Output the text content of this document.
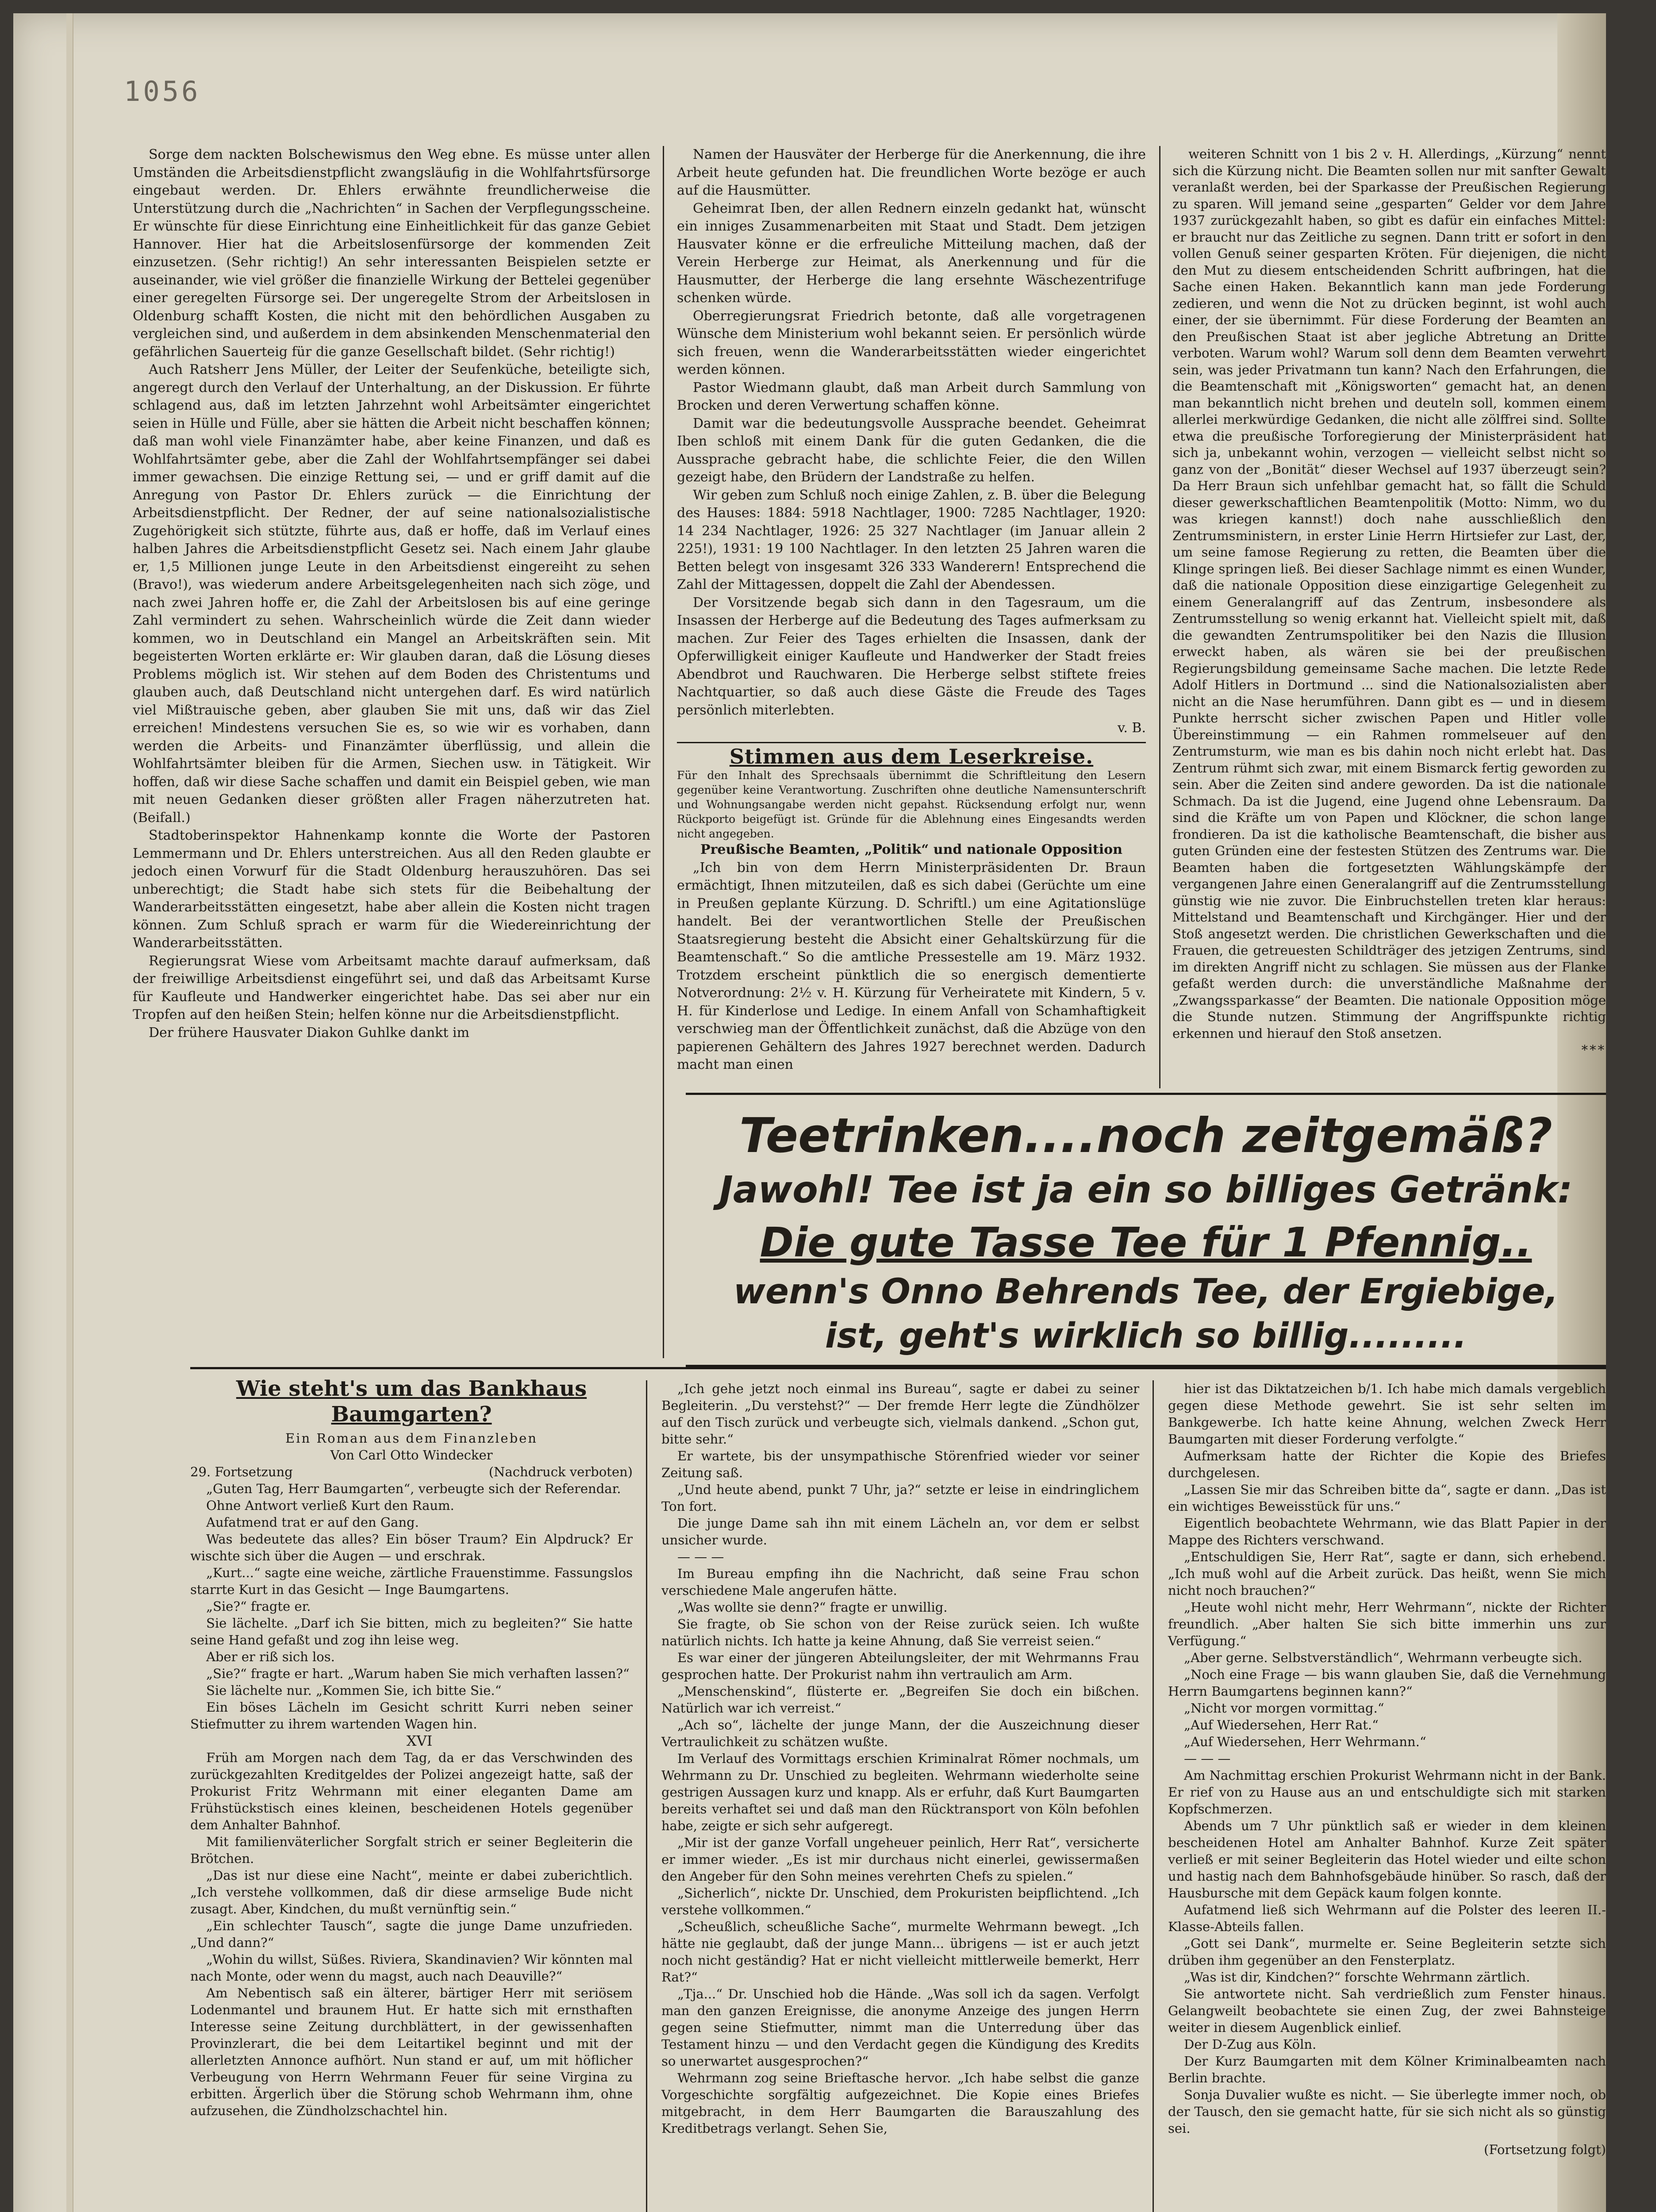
1056

Sorge dem nackten Bolschewismus den Weg ebne. Es müsse unter allen Umständen die Arbeitsdienstpflicht zwangsläufig in die Wohlfahrtsfürsorge eingebaut werden. Dr. Ehlers erwähnte freundlicherweise die Unterstützung durch die „Nachrichten“ in Sachen der Verpflegungsscheine. Er wünschte für diese Einrichtung eine Einheitlichkeit für das ganze Gebiet Hannover. Hier hat die Arbeitslosenfürsorge der kommenden Zeit einzusetzen. (Sehr richtig!) An sehr interessanten Beispielen setzte er auseinander, wie viel größer die finanzielle Wirkung der Bettelei gegenüber einer geregelten Fürsorge sei. Der ungeregelte Strom der Arbeitslosen in Oldenburg schafft Kosten, die nicht mit den behördlichen Ausgaben zu vergleichen sind, und außerdem in dem absinkenden Menschenmaterial den gefährlichen Sauerteig für die ganze Gesellschaft bildet. (Sehr richtig!)

Auch Ratsherr Jens Müller, der Leiter der Seufenküche, beteiligte sich, angeregt durch den Verlauf der Unterhaltung, an der Diskussion. Er führte schlagend aus, daß im letzten Jahrzehnt wohl Arbeitsämter eingerichtet seien in Hülle und Fülle, aber sie hätten die Arbeit nicht beschaffen können; daß man wohl viele Finanzämter habe, aber keine Finanzen, und daß es Wohlfahrtsämter gebe, aber die Zahl der Wohlfahrtsempfänger sei dabei immer gewachsen. Die einzige Rettung sei, — und er griff damit auf die Anregung von Pastor Dr. Ehlers zurück — die Einrichtung der Arbeitsdienstpflicht. Der Redner, der auf seine nationalsozialistische Zugehörigkeit sich stützte, führte aus, daß er hoffe, daß im Verlauf eines halben Jahres die Arbeitsdienstpflicht Gesetz sei. Nach einem Jahr glaube er, 1,5 Millionen junge Leute in den Arbeitsdienst eingereiht zu sehen (Bravo!), was wiederum andere Arbeitsgelegenheiten nach sich zöge, und nach zwei Jahren hoffe er, die Zahl der Arbeitslosen bis auf eine geringe Zahl vermindert zu sehen. Wahrscheinlich würde die Zeit dann wieder kommen, wo in Deutschland ein Mangel an Arbeitskräften sein. Mit begeisterten Worten erklärte er: Wir glauben daran, daß die Lösung dieses Problems möglich ist. Wir stehen auf dem Boden des Christentums und glauben auch, daß Deutschland nicht untergehen darf. Es wird natürlich viel Mißtrauische geben, aber glauben Sie mit uns, daß wir das Ziel erreichen! Mindestens versuchen Sie es, so wie wir es vorhaben, dann werden die Arbeits- und Finanzämter überflüssig, und allein die Wohlfahrtsämter bleiben für die Armen, Siechen usw. in Tätigkeit. Wir hoffen, daß wir diese Sache schaffen und damit ein Beispiel geben, wie man mit neuen Gedanken dieser größten aller Fragen näherzutreten hat. (Beifall.)

Stadtoberinspektor Hahnenkamp konnte die Worte der Pastoren Lemmermann und Dr. Ehlers unterstreichen. Aus all den Reden glaubte er jedoch einen Vorwurf für die Stadt Oldenburg herauszuhören. Das sei unberechtigt; die Stadt habe sich stets für die Beibehaltung der Wanderarbeitsstätten eingesetzt, habe aber allein die Kosten nicht tragen können. Zum Schluß sprach er warm für die Wiedereinrichtung der Wanderarbeitsstätten.

Regierungsrat Wiese vom Arbeitsamt machte darauf aufmerksam, daß der freiwillige Arbeitsdienst eingeführt sei, und daß das Arbeitsamt Kurse für Kaufleute und Handwerker eingerichtet habe. Das sei aber nur ein Tropfen auf den heißen Stein; helfen könne nur die Arbeitsdienstpflicht.

Der frühere Hausvater Diakon Guhlke dankt im

Namen der Hausväter der Herberge für die Anerkennung, die ihre Arbeit heute gefunden hat. Die freundlichen Worte bezöge er auch auf die Hausmütter.

Geheimrat Iben, der allen Rednern einzeln gedankt hat, wünscht ein inniges Zusammenarbeiten mit Staat und Stadt. Dem jetzigen Hausvater könne er die erfreuliche Mitteilung machen, daß der Verein Herberge zur Heimat, als Anerkennung und für die Hausmutter, der Herberge die lang ersehnte Wäschezentrifuge schenken würde.

Oberregierungsrat Friedrich betonte, daß alle vorgetragenen Wünsche dem Ministerium wohl bekannt seien. Er persönlich würde sich freuen, wenn die Wanderarbeitsstätten wieder eingerichtet werden können.

Pastor Wiedmann glaubt, daß man Arbeit durch Sammlung von Brocken und deren Verwertung schaffen könne.

Damit war die bedeutungsvolle Aussprache beendet. Geheimrat Iben schloß mit einem Dank für die guten Gedanken, die die Aussprache gebracht habe, die schlichte Feier, die den Willen gezeigt habe, den Brüdern der Landstraße zu helfen.

Wir geben zum Schluß noch einige Zahlen, z. B. über die Belegung des Hauses: 1884: 5918 Nachtlager, 1900: 7285 Nachtlager, 1920: 14 234 Nachtlager, 1926: 25 327 Nachtlager (im Januar allein 2 225!), 1931: 19 100 Nachtlager. In den letzten 25 Jahren waren die Betten belegt von insgesamt 326 333 Wanderern! Entsprechend die Zahl der Mittagessen, doppelt die Zahl der Abendessen.

Der Vorsitzende begab sich dann in den Tagesraum, um die Insassen der Herberge auf die Bedeutung des Tages aufmerksam zu machen. Zur Feier des Tages erhielten die Insassen, dank der Opferwilligkeit einiger Kaufleute und Handwerker der Stadt freies Abendbrot und Rauchwaren. Die Herberge selbst stiftete freies Nachtquartier, so daß auch diese Gäste die Freude des Tages persönlich miterlebten.

v. B.

Stimmen aus dem Leserkreise.

Für den Inhalt des Sprechsaals übernimmt die Schriftleitung den Lesern gegenüber keine Verantwortung. Zuschriften ohne deutliche Namensunterschrift und Wohnungsangabe werden nicht gepahst. Rücksendung erfolgt nur, wenn Rückporto beigefügt ist. Gründe für die Ablehnung eines Eingesandts werden nicht angegeben.

Preußische Beamten, „Politik“ und nationale Opposition

„Ich bin von dem Herrn Ministerpräsidenten Dr. Braun ermächtigt, Ihnen mitzuteilen, daß es sich dabei (Gerüchte um eine in Preußen geplante Kürzung. D. Schriftl.) um eine Agitationslüge handelt. Bei der verantwortlichen Stelle der Preußischen Staatsregierung besteht die Absicht einer Gehaltskürzung für die Beamtenschaft.“ So die amtliche Pressestelle am 19. März 1932. Trotzdem erscheint pünktlich die so energisch dementierte Notverordnung: 2½ v. H. Kürzung für Verheiratete mit Kindern, 5 v. H. für Kinderlose und Ledige. In einem Anfall von Schamhaftigkeit verschwieg man der Öffentlichkeit zunächst, daß die Abzüge von den papierenen Gehältern des Jahres 1927 berechnet werden. Dadurch macht man einen

weiteren Schnitt von 1 bis 2 v. H. Allerdings, „Kürzung“ nennt sich die Kürzung nicht. Die Beamten sollen nur mit sanfter Gewalt veranlaßt werden, bei der Sparkasse der Preußischen Regierung zu sparen. Will jemand seine „gesparten“ Gelder vor dem Jahre 1937 zurückgezahlt haben, so gibt es dafür ein einfaches Mittel: er braucht nur das Zeitliche zu segnen. Dann tritt er sofort in den vollen Genuß seiner gesparten Kröten. Für diejenigen, die nicht den Mut zu diesem entscheidenden Schritt aufbringen, hat die Sache einen Haken. Bekanntlich kann man jede Forderung zedieren, und wenn die Not zu drücken beginnt, ist wohl auch einer, der sie übernimmt. Für diese Forderung der Beamten an den Preußischen Staat ist aber jegliche Abtretung an Dritte verboten. Warum wohl? Warum soll denn dem Beamten verwehrt sein, was jeder Privatmann tun kann? Nach den Erfahrungen, die die Beamtenschaft mit „Königsworten“ gemacht hat, an denen man bekanntlich nicht brehen und deuteln soll, kommen einem allerlei merkwürdige Gedanken, die nicht alle zölffrei sind. Sollte etwa die preußische Torforegierung der Ministerpräsident hat sich ja, unbekannt wohin, verzogen — vielleicht selbst nicht so ganz von der „Bonität“ dieser Wechsel auf 1937 überzeugt sein? Da Herr Braun sich unfehlbar gemacht hat, so fällt die Schuld dieser gewerkschaftlichen Beamtenpolitik (Motto: Nimm, wo du was kriegen kannst!) doch nahe ausschließlich den Zentrumsministern, in erster Linie Herrn Hirtsiefer zur Last, der, um seine famose Regierung zu retten, die Beamten über die Klinge springen ließ. Bei dieser Sachlage nimmt es einen Wunder, daß die nationale Opposition diese einzigartige Gelegenheit zu einem Generalangriff auf das Zentrum, insbesondere als Zentrumsstellung so wenig erkannt hat. Vielleicht spielt mit, daß die gewandten Zentrumspolitiker bei den Nazis die Illusion erweckt haben, als wären sie bei der preußischen Regierungsbildung gemeinsame Sache machen. Die letzte Rede Adolf Hitlers in Dortmund ... sind die Nationalsozialisten aber nicht an die Nase herumführen. Dann gibt es — und in diesem Punkte herrscht sicher zwischen Papen und Hitler volle Übereinstimmung — ein Rahmen rommelseuer auf den Zentrumsturm, wie man es bis dahin noch nicht erlebt hat. Das Zentrum rühmt sich zwar, mit einem Bismarck fertig geworden zu sein. Aber die Zeiten sind andere geworden. Da ist die nationale Schmach. Da ist die Jugend, eine Jugend ohne Lebensraum. Da sind die Kräfte um von Papen und Klöckner, die schon lange frondieren. Da ist die katholische Beamtenschaft, die bisher aus guten Gründen eine der festesten Stützen des Zentrums war. Die Beamten haben die fortgesetzten Wählungskämpfe der vergangenen Jahre einen Generalangriff auf die Zentrumsstellung günstig wie nie zuvor. Die Einbruchstellen treten klar heraus: Mittelstand und Beamtenschaft und Kirchgänger. Hier und der Stoß angesetzt werden. Die christlichen Gewerkschaften und die Frauen, die getreuesten Schildträger des jetzigen Zentrums, sind im direkten Angriff nicht zu schlagen. Sie müssen aus der Flanke gefaßt werden durch: die unverständliche Maßnahme der „Zwangssparkasse“ der Beamten. Die nationale Opposition möge die Stunde nutzen. Stimmung der Angriffspunkte richtig erkennen und hierauf den Stoß ansetzen.

***

Teetrinken....noch zeitgemäß?
Jawohl! Tee ist ja ein so billiges Getränk:
Die gute Tasse Tee für 1 Pfennig..
wenn's Onno Behrends Tee, der Ergiebige,
ist, geht's wirklich so billig.........
Wie steht's um das Bankhaus Baumgarten?

Ein Roman aus dem Finanzleben

Von Carl Otto Windecker

29. Fortsetzung	(Nachdruck verboten)

„Guten Tag, Herr Baumgarten“, verbeugte sich der Referendar.

Ohne Antwort verließ Kurt den Raum.

Aufatmend trat er auf den Gang.

Was bedeutete das alles? Ein böser Traum? Ein Alpdruck? Er wischte sich über die Augen — und erschrak.

„Kurt...“ sagte eine weiche, zärtliche Frauenstimme. Fassungslos starrte Kurt in das Gesicht — Inge Baumgartens.

„Sie?“ fragte er.

Sie lächelte. „Darf ich Sie bitten, mich zu begleiten?“ Sie hatte seine Hand gefaßt und zog ihn leise weg.

Aber er riß sich los.

„Sie?“ fragte er hart. „Warum haben Sie mich verhaften lassen?“

Sie lächelte nur. „Kommen Sie, ich bitte Sie.“

Ein böses Lächeln im Gesicht schritt Kurri neben seiner Stiefmutter zu ihrem wartenden Wagen hin.

XVI

Früh am Morgen nach dem Tag, da er das Verschwinden des zurückgezahlten Kreditgeldes der Polizei angezeigt hatte, saß der Prokurist Fritz Wehrmann mit einer eleganten Dame am Frühstückstisch eines kleinen, bescheidenen Hotels gegenüber dem Anhalter Bahnhof.

Mit familienväterlicher Sorgfalt strich er seiner Begleiterin die Brötchen.

„Das ist nur diese eine Nacht“, meinte er dabei zuberichtlich. „Ich verstehe vollkommen, daß dir diese armselige Bude nicht zusagt. Aber, Kindchen, du mußt vernünftig sein.“

„Ein schlechter Tausch“, sagte die junge Dame unzufrieden. „Und dann?“

„Wohin du willst, Süßes. Riviera, Skandinavien? Wir könnten mal nach Monte, oder wenn du magst, auch nach Deauville?“

Am Nebentisch saß ein älterer, bärtiger Herr mit seriösem Lodenmantel und braunem Hut. Er hatte sich mit ernsthaften Interesse seine Zeitung durchblättert, in der gewissenhaften Provinzlerart, die bei dem Leitartikel beginnt und mit der allerletzten Annonce aufhört. Nun stand er auf, um mit höflicher Verbeugung von Herrn Wehrmann Feuer für seine Virgina zu erbitten. Ärgerlich über die Störung schob Wehrmann ihm, ohne aufzusehen, die Zündholzschachtel hin.

„Ich gehe jetzt noch einmal ins Bureau“, sagte er dabei zu seiner Begleiterin. „Du verstehst?“ — Der fremde Herr legte die Zündhölzer auf den Tisch zurück und verbeugte sich, vielmals dankend. „Schon gut, bitte sehr.“

Er wartete, bis der unsympathische Störenfried wieder vor seiner Zeitung saß.

„Und heute abend, punkt 7 Uhr, ja?“ setzte er leise in eindringlichem Ton fort.

Die junge Dame sah ihn mit einem Lächeln an, vor dem er selbst unsicher wurde.

— — —

Im Bureau empfing ihn die Nachricht, daß seine Frau schon verschiedene Male angerufen hätte.

„Was wollte sie denn?“ fragte er unwillig.

Sie fragte, ob Sie schon von der Reise zurück seien. Ich wußte natürlich nichts. Ich hatte ja keine Ahnung, daß Sie verreist seien.“

Es war einer der jüngeren Abteilungsleiter, der mit Wehrmanns Frau gesprochen hatte. Der Prokurist nahm ihn vertraulich am Arm.

„Menschenskind“, flüsterte er. „Begreifen Sie doch ein bißchen. Natürlich war ich verreist.“

„Ach so“, lächelte der junge Mann, der die Auszeichnung dieser Vertraulichkeit zu schätzen wußte.

Im Verlauf des Vormittags erschien Kriminalrat Römer nochmals, um Wehrmann zu Dr. Unschied zu begleiten. Wehrmann wiederholte seine gestrigen Aussagen kurz und knapp. Als er erfuhr, daß Kurt Baumgarten bereits verhaftet sei und daß man den Rücktransport von Köln befohlen habe, zeigte er sich sehr aufgeregt.

„Mir ist der ganze Vorfall ungeheuer peinlich, Herr Rat“, versicherte er immer wieder. „Es ist mir durchaus nicht einerlei, gewissermaßen den Angeber für den Sohn meines verehrten Chefs zu spielen.“

„Sicherlich“, nickte Dr. Unschied, dem Prokuristen beipflichtend. „Ich verstehe vollkommen.“

„Scheußlich, scheußliche Sache“, murmelte Wehrmann bewegt. „Ich hätte nie geglaubt, daß der junge Mann... übrigens — ist er auch jetzt noch nicht geständig? Hat er nicht vielleicht mittlerweile bemerkt, Herr Rat?“

„Tja...“ Dr. Unschied hob die Hände. „Was soll ich da sagen. Verfolgt man den ganzen Ereignisse, die anonyme Anzeige des jungen Herrn gegen seine Stiefmutter, nimmt man die Unterredung über das Testament hinzu — und den Verdacht gegen die Kündigung des Kredits so unerwartet ausgesprochen?“

Wehrmann zog seine Brieftasche hervor. „Ich habe selbst die ganze Vorgeschichte sorgfältig aufgezeichnet. Die Kopie eines Briefes mitgebracht, in dem Herr Baumgarten die Barauszahlung des Kreditbetrags verlangt. Sehen Sie,

hier ist das Diktatzeichen b/1. Ich habe mich damals vergeblich gegen diese Methode gewehrt. Sie ist sehr selten im Bankgewerbe. Ich hatte keine Ahnung, welchen Zweck Herr Baumgarten mit dieser Forderung verfolgte.“

Aufmerksam hatte der Richter die Kopie des Briefes durchgelesen.

„Lassen Sie mir das Schreiben bitte da“, sagte er dann. „Das ist ein wichtiges Beweisstück für uns.“

Eigentlich beobachtete Wehrmann, wie das Blatt Papier in der Mappe des Richters verschwand.

„Entschuldigen Sie, Herr Rat“, sagte er dann, sich erhebend. „Ich muß wohl auf die Arbeit zurück. Das heißt, wenn Sie mich nicht noch brauchen?“

„Heute wohl nicht mehr, Herr Wehrmann“, nickte der Richter freundlich. „Aber halten Sie sich bitte immerhin uns zur Verfügung.“

„Aber gerne. Selbstverständlich“, Wehrmann verbeugte sich.

„Noch eine Frage — bis wann glauben Sie, daß die Vernehmung Herrn Baumgartens beginnen kann?“

„Nicht vor morgen vormittag.“

„Auf Wiedersehen, Herr Rat.“

„Auf Wiedersehen, Herr Wehrmann.“

— — —

Am Nachmittag erschien Prokurist Wehrmann nicht in der Bank. Er rief von zu Hause aus an und entschuldigte sich mit starken Kopfschmerzen.

Abends um 7 Uhr pünktlich saß er wieder in dem kleinen bescheidenen Hotel am Anhalter Bahnhof. Kurze Zeit später verließ er mit seiner Begleiterin das Hotel wieder und eilte schon und hastig nach dem Bahnhofsgebäude hinüber. So rasch, daß der Hausbursche mit dem Gepäck kaum folgen konnte.

Aufatmend ließ sich Wehrmann auf die Polster des leeren II.-Klasse-Abteils fallen.

„Gott sei Dank“, murmelte er. Seine Begleiterin setzte sich drüben ihm gegenüber an den Fensterplatz.

„Was ist dir, Kindchen?“ forschte Wehrmann zärtlich.

Sie antwortete nicht. Sah verdrießlich zum Fenster hinaus. Gelangweilt beobachtete sie einen Zug, der zwei Bahnsteige weiter in diesem Augenblick einlief.

Der D-Zug aus Köln.

Der Kurz Baumgarten mit dem Kölner Kriminalbeamten nach Berlin brachte.

Sonja Duvalier wußte es nicht. — Sie überlegte immer noch, ob der Tausch, den sie gemacht hatte, für sie sich nicht als so günstig sei.

(Fortsetzung folgt)
